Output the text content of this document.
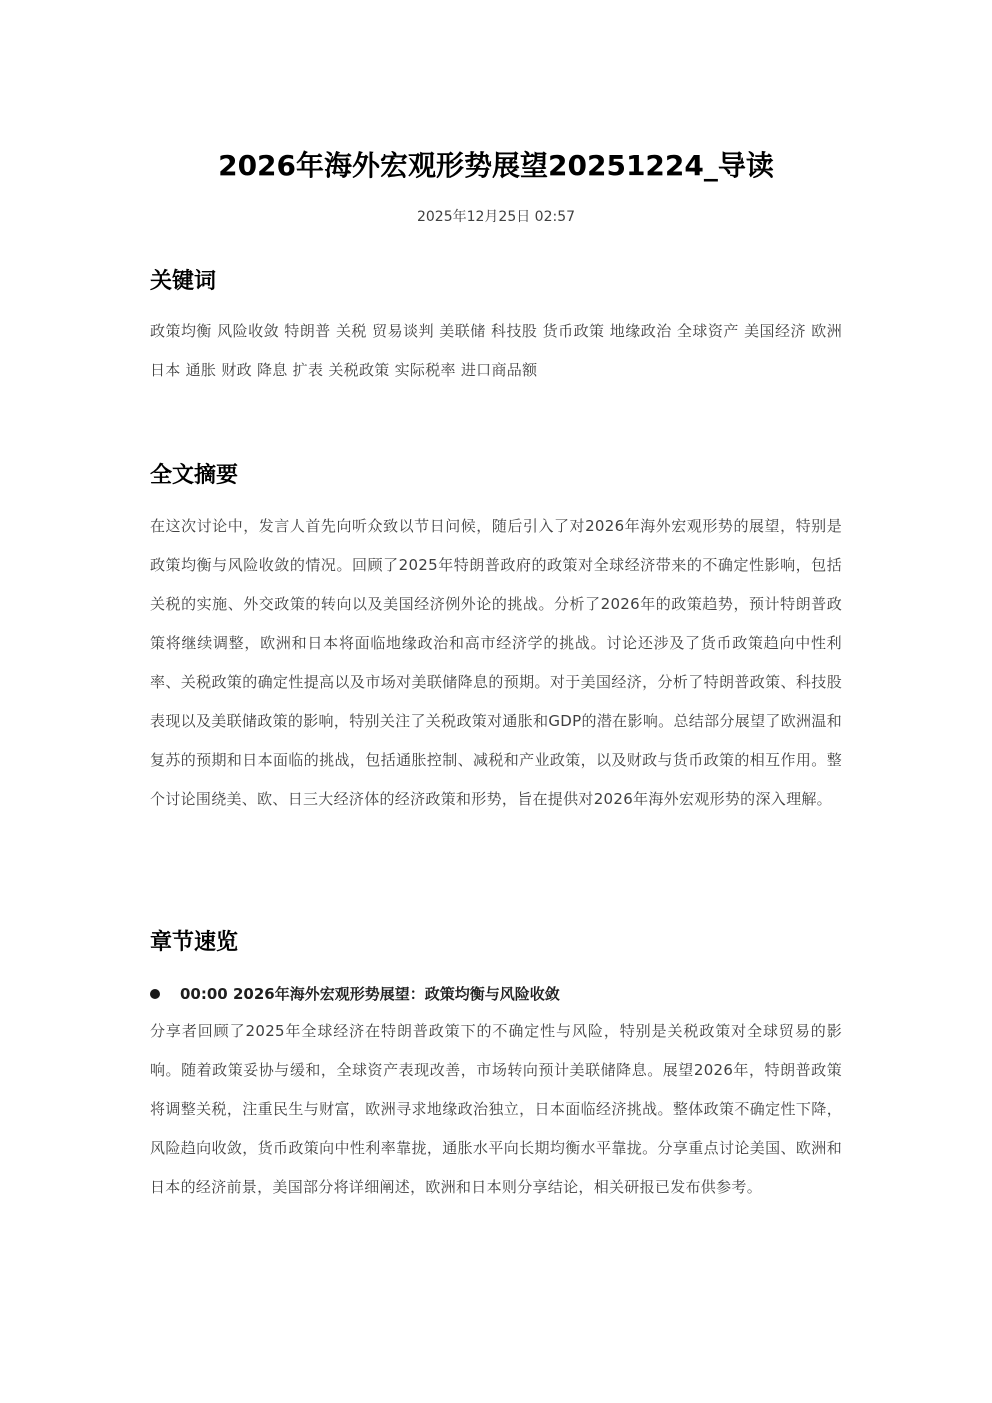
2026年海外宏观形势展望20251224_导读
2025年12月25日 02:57
关键词
政策均衡 风险收敛 特朗普 关税 贸易谈判 美联储 科技股 货币政策 地缘政治 全球资产 美国经济 欧洲 日本 通胀 财政 降息 扩表 关税政策 实际税率 进口商品额
全文摘要
在这次讨论中，发言人首先向听众致以节日问候，随后引入了对2026年海外宏观形势的展望，特别是政策均衡与风险收敛的情况。回顾了2025年特朗普政府的政策对全球经济带来的不确定性影响，包括关税的实施、外交政策的转向以及美国经济例外论的挑战。分析了2026年的政策趋势，预计特朗普政策将继续调整，欧洲和日本将面临地缘政治和高市经济学的挑战。讨论还涉及了货币政策趋向中性利率、关税政策的确定性提高以及市场对美联储降息的预期。对于美国经济，分析了特朗普政策、科技股表现以及美联储政策的影响，特别关注了关税政策对通胀和GDP的潜在影响。总结部分展望了欧洲温和复苏的预期和日本面临的挑战，包括通胀控制、减税和产业政策，以及财政与货币政策的相互作用。整个讨论围绕美、欧、日三大经济体的经济政策和形势，旨在提供对2026年海外宏观形势的深入理解。
章节速览
00:00 2026年海外宏观形势展望：政策均衡与风险收敛
分享者回顾了2025年全球经济在特朗普政策下的不确定性与风险，特别是关税政策对全球贸易的影响。随着政策妥协与缓和，全球资产表现改善，市场转向预计美联储降息。展望2026年，特朗普政策将调整关税，注重民生与财富，欧洲寻求地缘政治独立，日本面临经济挑战。整体政策不确定性下降，风险趋向收敛，货币政策向中性利率靠拢，通胀水平向长期均衡水平靠拢。分享重点讨论美国、欧洲和日本的经济前景，美国部分将详细阐述，欧洲和日本则分享结论，相关研报已发布供参考。
